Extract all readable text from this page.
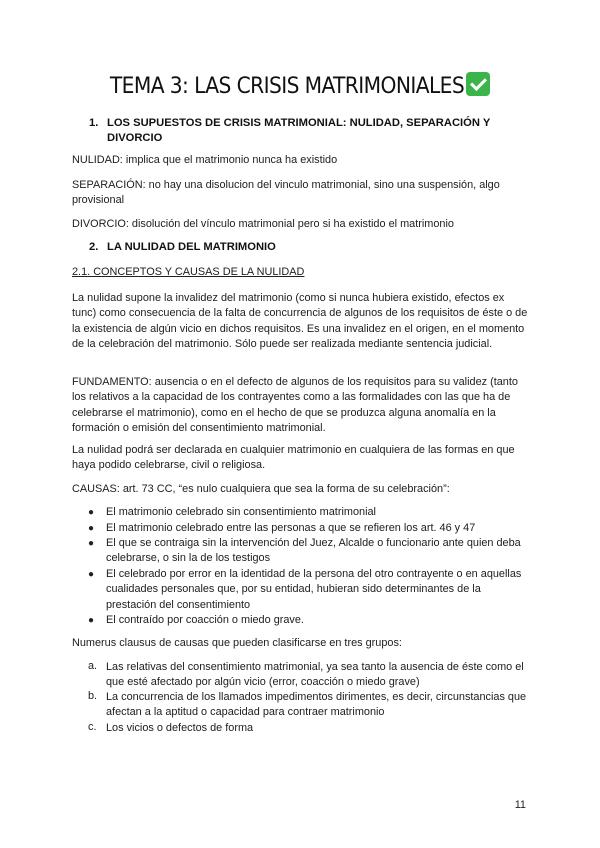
TEMA 3: LAS CRISIS MATRIMONIALES
1. LOS SUPUESTOS DE CRISIS MATRIMONIAL: NULIDAD, SEPARACIÓN Y
DIVORCIO
NULIDAD: implica que el matrimonio nunca ha existido
SEPARACIÓN: no hay una disolucion del vinculo matrimonial, sino una suspensión, algo provisional
DIVORCIO: disolución del vínculo matrimonial pero si ha existido el matrimonio
2. LA NULIDAD DEL MATRIMONIO
2.1. CONCEPTOS Y CAUSAS DE LA NULIDAD
La nulidad supone la invalidez del matrimonio (como si nunca hubiera existido, efectos ex tunc) como consecuencia de la falta de concurrencia de algunos de los requisitos de éste o de la existencia de algún vicio en dichos requisitos. Es una invalidez en el origen, en el momento de la celebración del matrimonio. Sólo puede ser realizada mediante sentencia judicial.
FUNDAMENTO: ausencia o en el defecto de algunos de los requisitos para su validez (tanto los relativos a la capacidad de los contrayentes como a las formalidades con las que ha de celebrarse el matrimonio), como en el hecho de que se produzca alguna anomalía en la formación o emisión del consentimiento matrimonial.
La nulidad podrá ser declarada en cualquier matrimonio en cualquiera de las formas en que haya podido celebrarse, civil o religiosa.
CAUSAS: art. 73 CC, “es nulo cualquiera que sea la forma de su celebración”:
● El matrimonio celebrado sin consentimiento matrimonial
● El matrimonio celebrado entre las personas a que se refieren los art. 46 y 47
● El que se contraiga sin la intervención del Juez, Alcalde o funcionario ante quien deba celebrarse, o sin la de los testigos
● El celebrado por error en la identidad de la persona del otro contrayente o en aquellas cualidades personales que, por su entidad, hubieran sido determinantes de la prestación del consentimiento
● El contraído por coacción o miedo grave.
Numerus clausus de causas que pueden clasificarse en tres grupos:
a. Las relativas del consentimiento matrimonial, ya sea tanto la ausencia de éste como el que esté afectado por algún vicio (error, coacción o miedo grave)
b. La concurrencia de los llamados impedimentos dirimentes, es decir, circunstancias que afectan a la aptitud o capacidad para contraer matrimonio
c. Los vicios o defectos de forma
11
